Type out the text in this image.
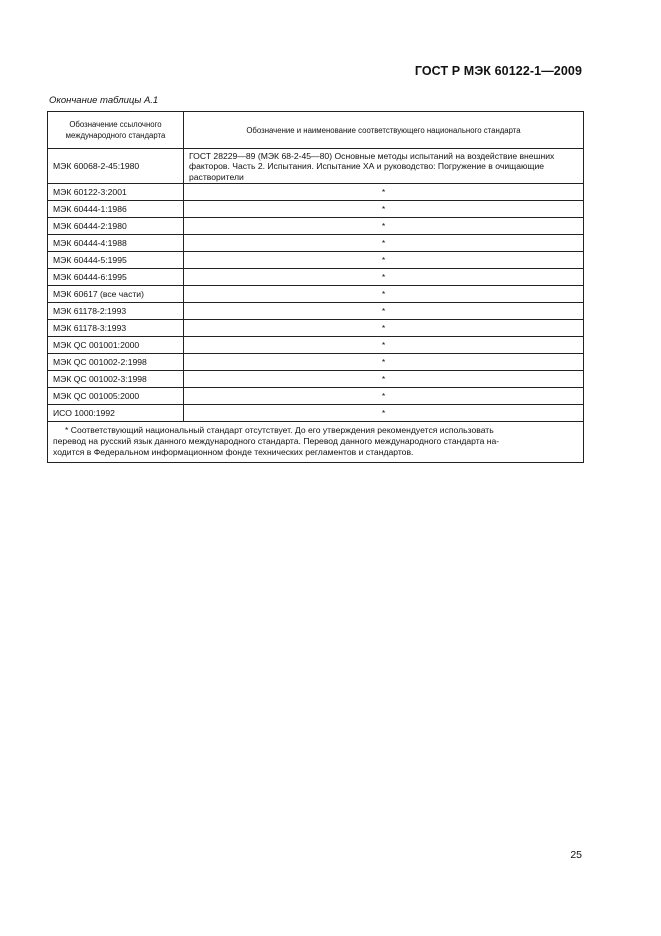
ГОСТ Р МЭК 60122-1—2009
Окончание таблицы А.1
Обозначение ссылочного международного стандарта	Обозначение и наименование соответствующего национального стандарта
МЭК 60068-2-45:1980	ГОСТ 28229—89 (МЭК 68-2-45—80) Основные методы испытаний на воздействие внешних факторов. Часть 2. Испытания. Испытание ХА и руководство: Погружение в очищающие растворители
МЭК 60122-3:2001	*
МЭК 60444-1:1986	*
МЭК 60444-2:1980	*
МЭК 60444-4:1988	*
МЭК 60444-5:1995	*
МЭК 60444-6:1995	*
МЭК 60617 (все части)	*
МЭК 61178-2:1993	*
МЭК 61178-3:1993	*
МЭК QC 001001:2000	*
МЭК QC 001002-2:1998	*
МЭК QC 001002-3:1998	*
МЭК QC 001005:2000	*
ИСО 1000:1992	*

* Соответствующий национальный стандарт отсутствует. До его утверждения рекомендуется использовать
перевод на русский язык данного международного стандарта. Перевод данного международного стандарта на-
ходится в Федеральном информационном фонде технических регламентов и стандартов.	
25
